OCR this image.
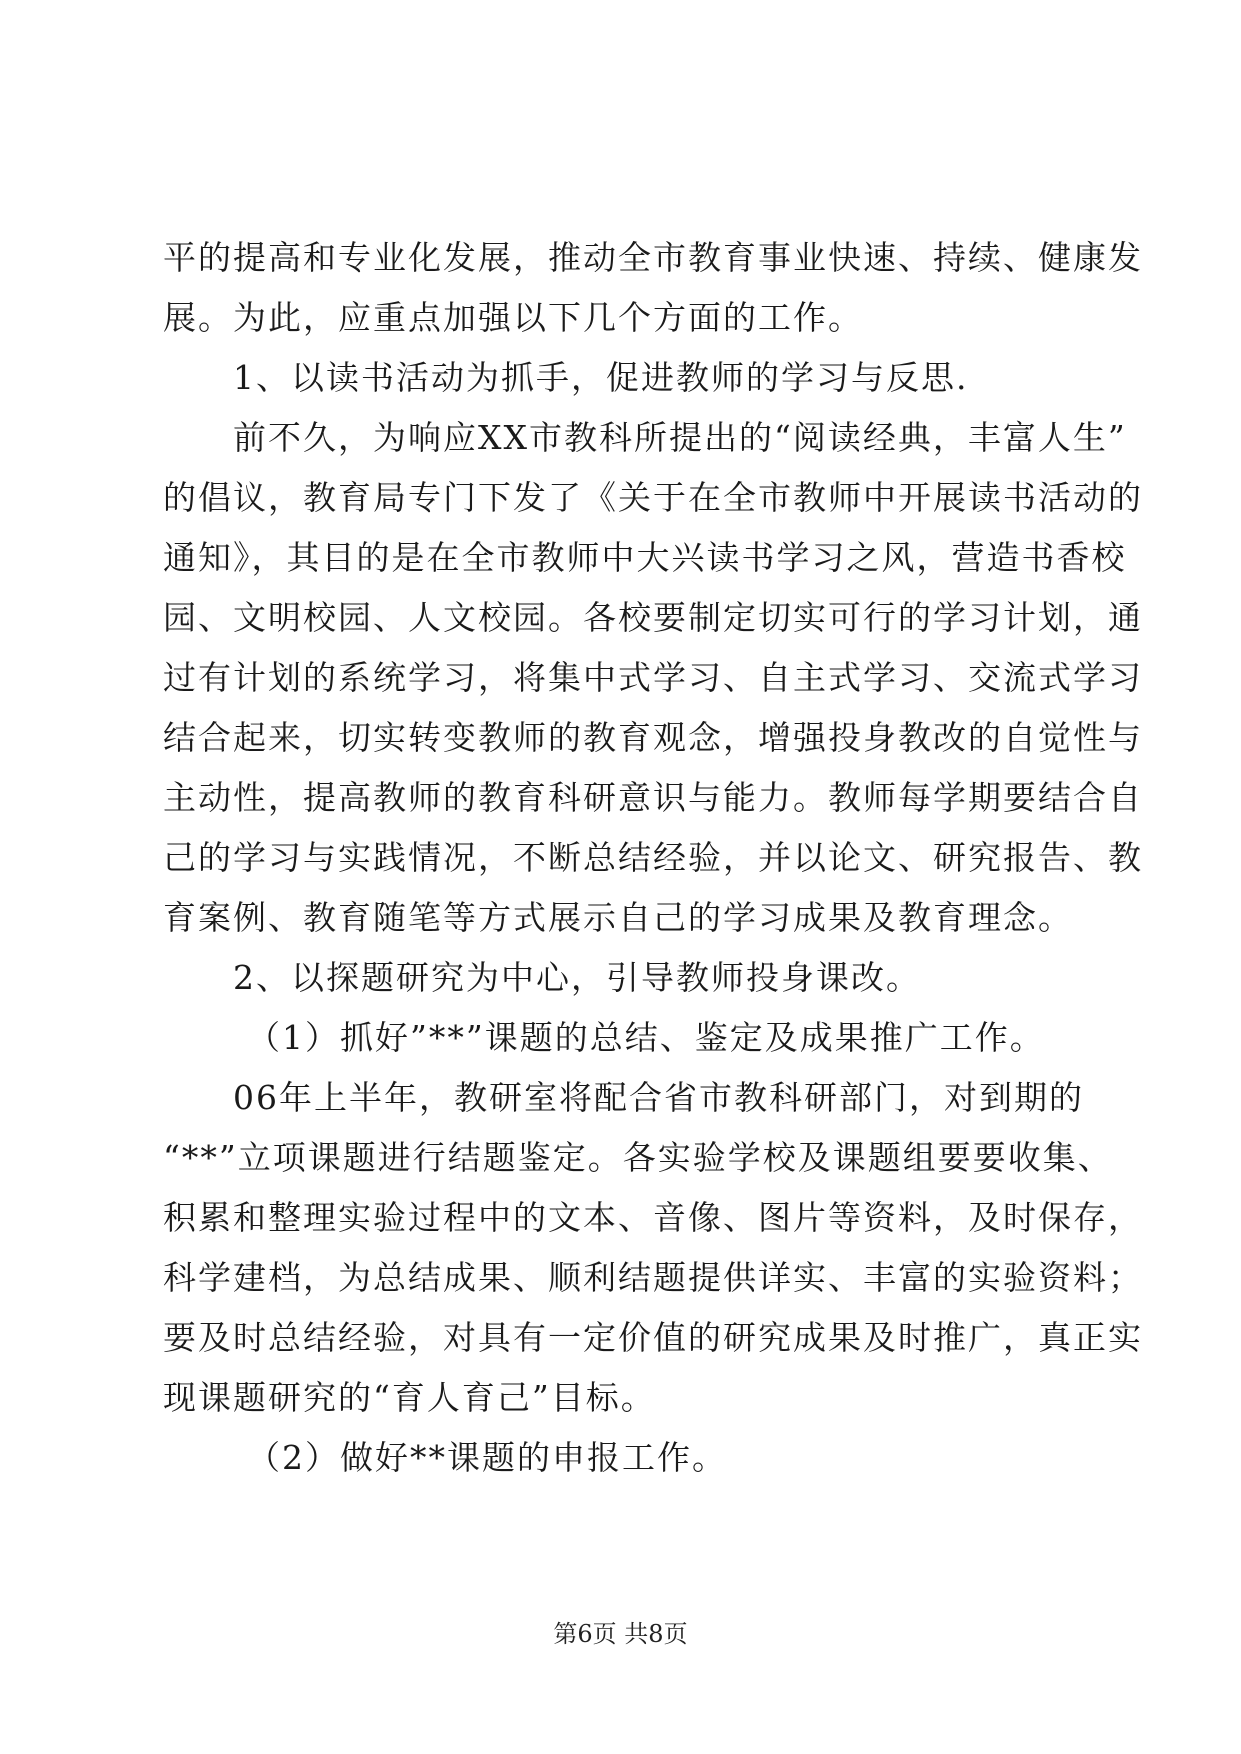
平的提高和专业化发展，推动全市教育事业快速、持续、健康发
展。为此，应重点加强以下几个方面的工作。
1、以读书活动为抓手，促进教师的学习与反思.
前不久，为响应XX市教科所提出的“阅读经典，丰富人生”
的倡议，教育局专门下发了《关于在全市教师中开展读书活动的
通知》，其目的是在全市教师中大兴读书学习之风，营造书香校
园、文明校园、人文校园。各校要制定切实可行的学习计划，通
过有计划的系统学习，将集中式学习、自主式学习、交流式学习
结合起来，切实转变教师的教育观念，增强投身教改的自觉性与
主动性，提高教师的教育科研意识与能力。教师每学期要结合自
己的学习与实践情况，不断总结经验，并以论文、研究报告、教
育案例、教育随笔等方式展示自己的学习成果及教育理念。
2、以探题研究为中心，引导教师投身课改。
（1）抓好”**”课题的总结、鉴定及成果推广工作。
06年上半年，教研室将配合省市教科研部门，对到期的
“**”立项课题进行结题鉴定。各实验学校及课题组要要收集、
积累和整理实验过程中的文本、音像、图片等资料，及时保存，
科学建档，为总结成果、顺利结题提供详实、丰富的实验资料；
要及时总结经验，对具有一定价值的研究成果及时推广，真正实
现课题研究的“育人育己”目标。
（2）做好**课题的申报工作。
第6页 共8页
